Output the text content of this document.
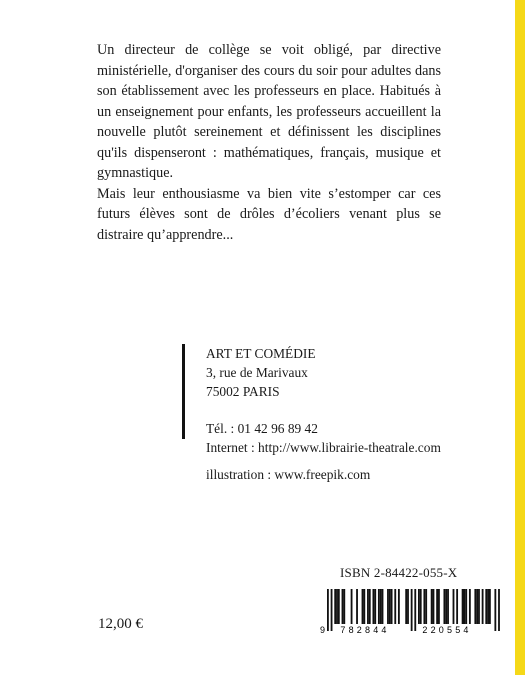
Un directeur de collège se voit obligé, par directive ministérielle, d'organiser des cours du soir pour adultes dans son établissement avec les professeurs en place. Habitués à un enseignement pour enfants, les professeurs accueillent la nouvelle plutôt sereinement et définissent les disciplines qu'ils dispenseront : mathématiques, français, musique et gymnastique.

Mais leur enthousiasme va bien vite s’estomper car ces futurs élèves sont de drôles d’écoliers venant plus se distraire qu’apprendre...

ART ET COMÉDIE
3, rue de Marivaux
75002 PARIS
Tél. : 01 42 96 89 42
Internet : http://www.librairie-theatrale.com
illustration : www.freepik.com
ISBN 2-84422-055-X
12,00 €	9 782844	220554
